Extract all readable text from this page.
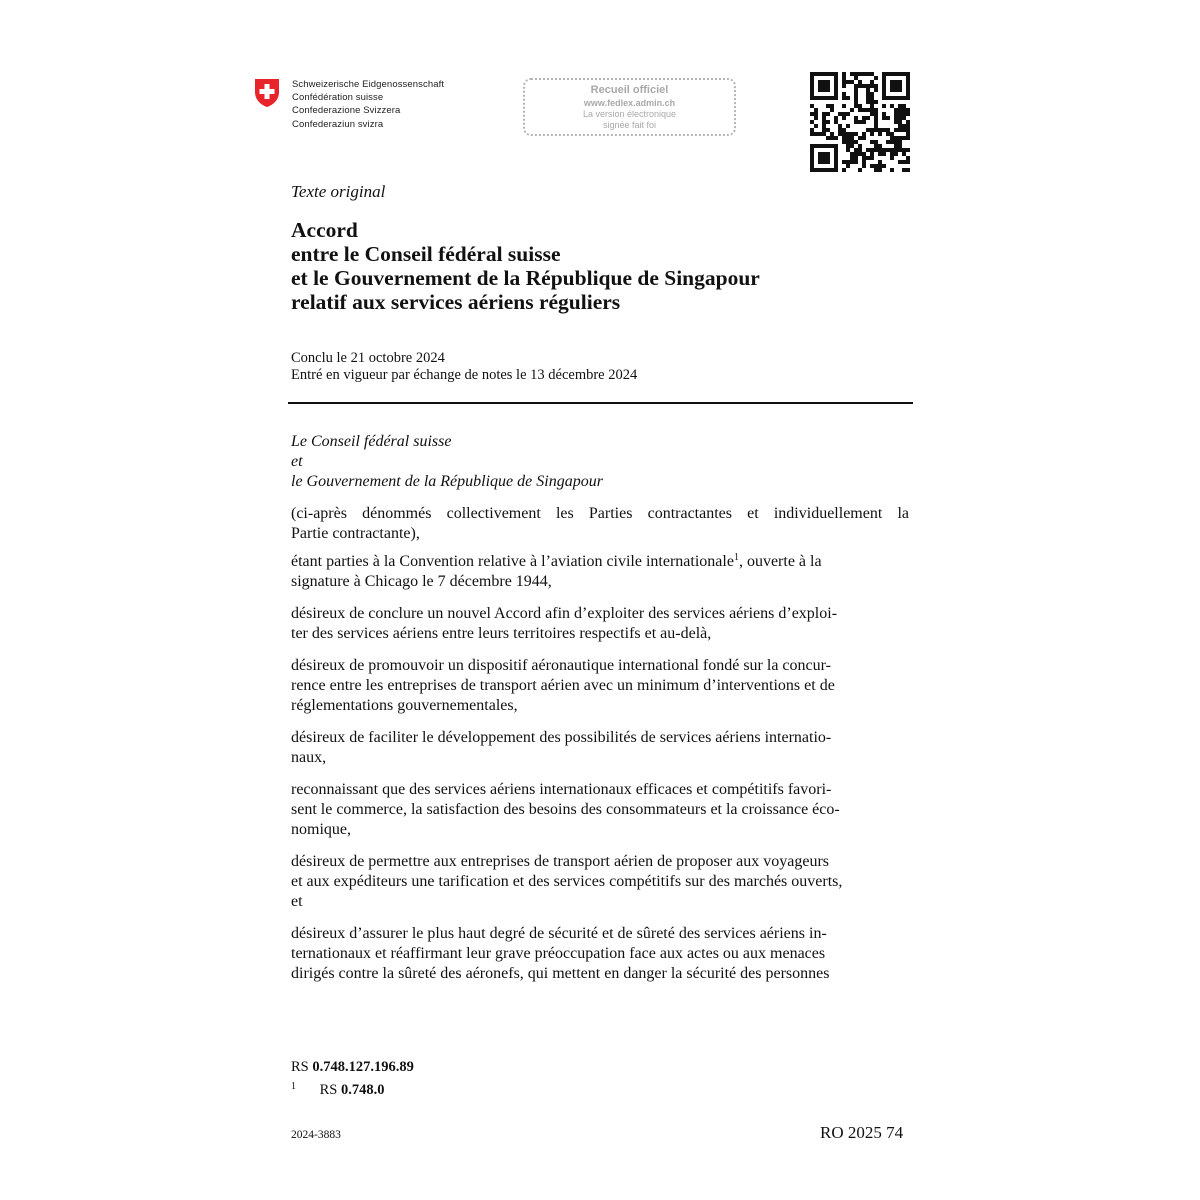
Schweizerische Eidgenossenschaft
Confédération suisse
Confederazione Svizzera
Confederaziun svizra
Recueil officiel
www.fedlex.admin.ch
La version électronique
signée fait foi
Texte original
Accord
entre le Conseil fédéral suisse
et le Gouvernement de la République de Singapour
relatif aux services aériens réguliers
Conclu le 21 octobre 2024
Entré en vigueur par échange de notes le 13 décembre 2024
Le Conseil fédéral suisse
et
le Gouvernement de la République de Singapour

(ci-après dénommés collectivement les Parties contractantes et individuellement la
Partie contractante),

étant parties à la Convention relative à l’aviation civile internationale$^1$, ouverte à la
signature à Chicago le 7 décembre 1944,

désireux de conclure un nouvel Accord afin d’exploiter des services aériens d’exploi-
ter des services aériens entre leurs territoires respectifs et au-delà,

désireux de promouvoir un dispositif aéronautique international fondé sur la concur-
rence entre les entreprises de transport aérien avec un minimum d’interventions et de
réglementations gouvernementales,

désireux de faciliter le développement des possibilités de services aériens internatio-
naux,

reconnaissant que des services aériens internationaux efficaces et compétitifs favori-
sent le commerce, la satisfaction des besoins des consommateurs et la croissance éco-
nomique,

désireux de permettre aux entreprises de transport aérien de proposer aux voyageurs
et aux expéditeurs une tarification et des services compétitifs sur des marchés ouverts,
et

désireux d’assurer le plus haut degré de sécurité et de sûreté des services aériens in-
ternationaux et réaffirmant leur grave préoccupation face aux actes ou aux menaces
dirigés contre la sûreté des aéronefs, qui mettent en danger la sécurité des personnes

RS 0.748.127.196.89
$^1$ RS 0.748.0
2024-3883	RO 2025 74
